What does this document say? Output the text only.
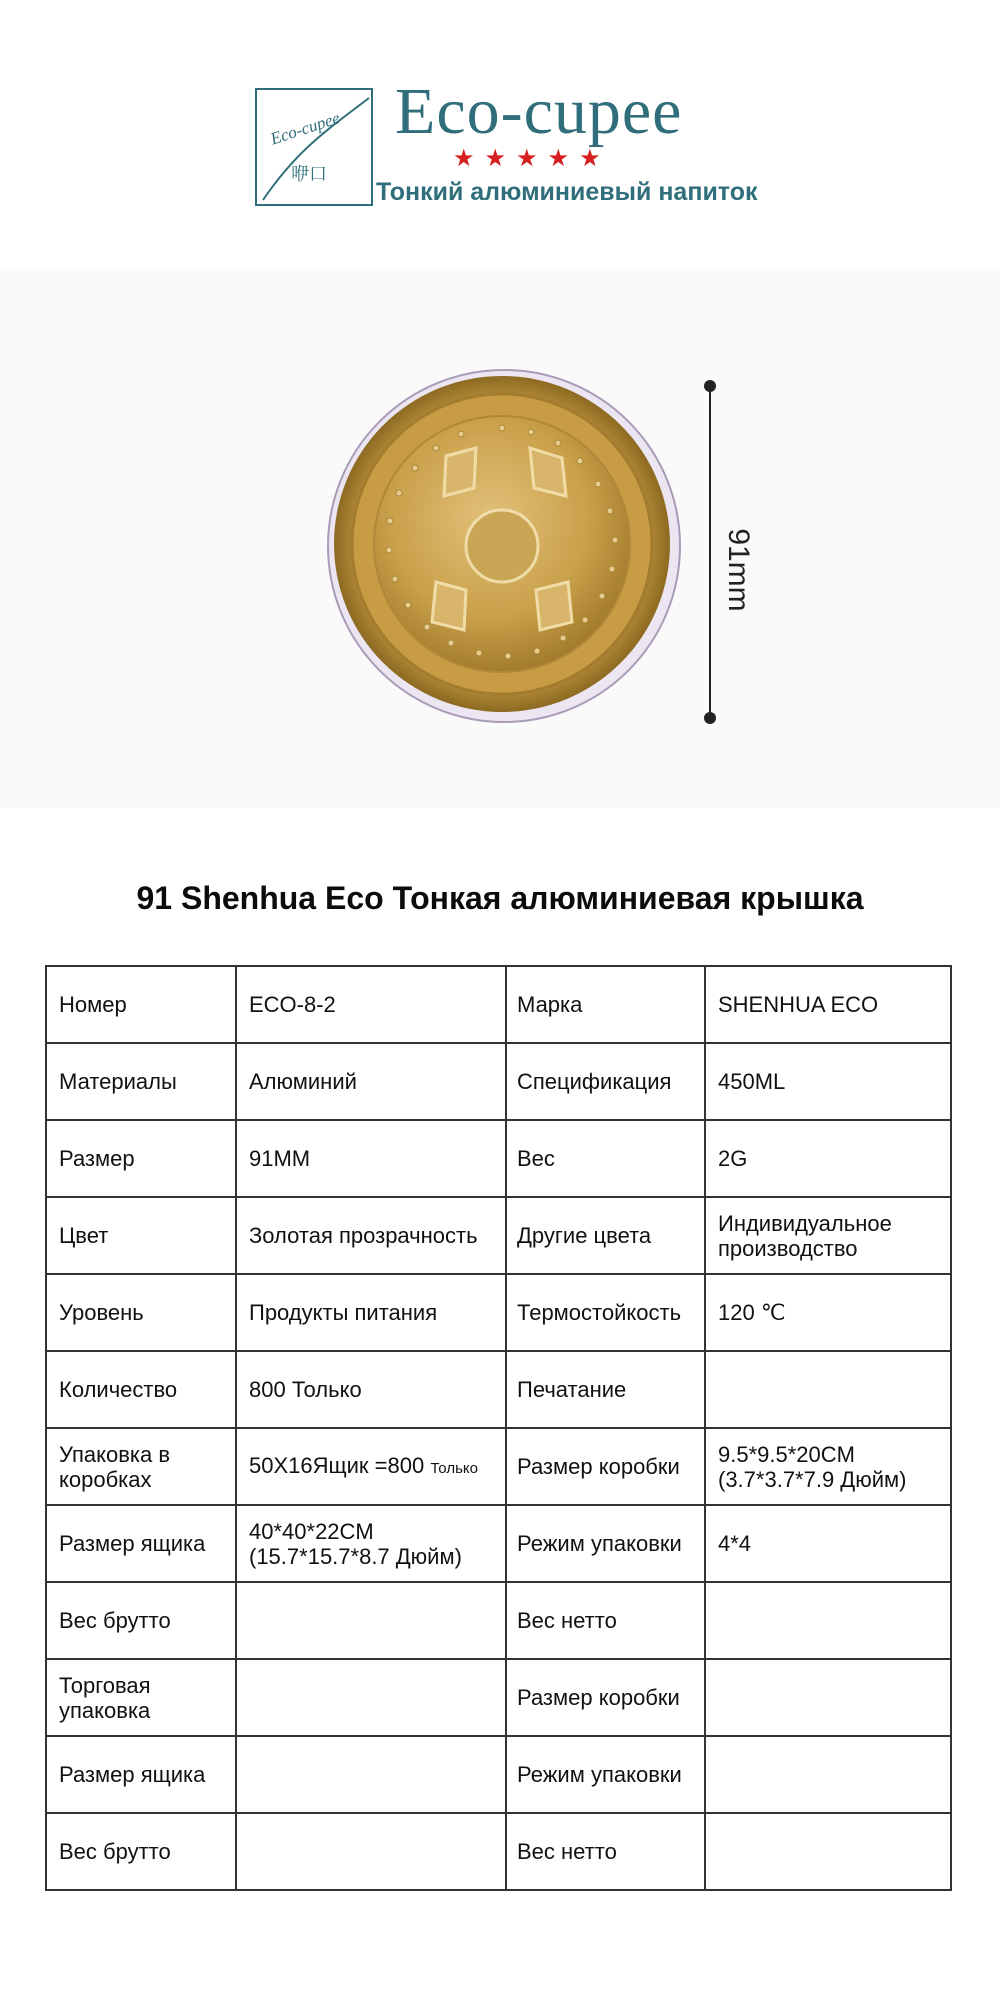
Eco-cupee
咿口
Eco-cupee
★★★★★
Тонкий алюминиевый напиток
91mm
91 Shenhua Eco Тонкая алюминиевая крышка
Номер	ECO-8-2	Марка	SHENHUA ECO
Материалы	Алюминий	Спецификация	450ML
Размер	91MM	Вес	2G
Цвет	Золотая прозрачность	Другие цвета	Индивидуальное производство
Уровень	Продукты питания	Термостойкость	120 ℃
Количество	800 Только	Печатание	
Упаковка в коробках	50X16Ящик =800 Только	Размер коробки	9.5*9.5*20CM (3.7*3.7*7.9 Дюйм)
Размер ящика	40*40*22CM (15.7*15.7*8.7 Дюйм)	Режим упаковки	4*4
Вес брутто		Вес нетто	
Торговая упаковка		Размер коробки	
Размер ящика		Режим упаковки	
Вес брутто		Вес нетто	
